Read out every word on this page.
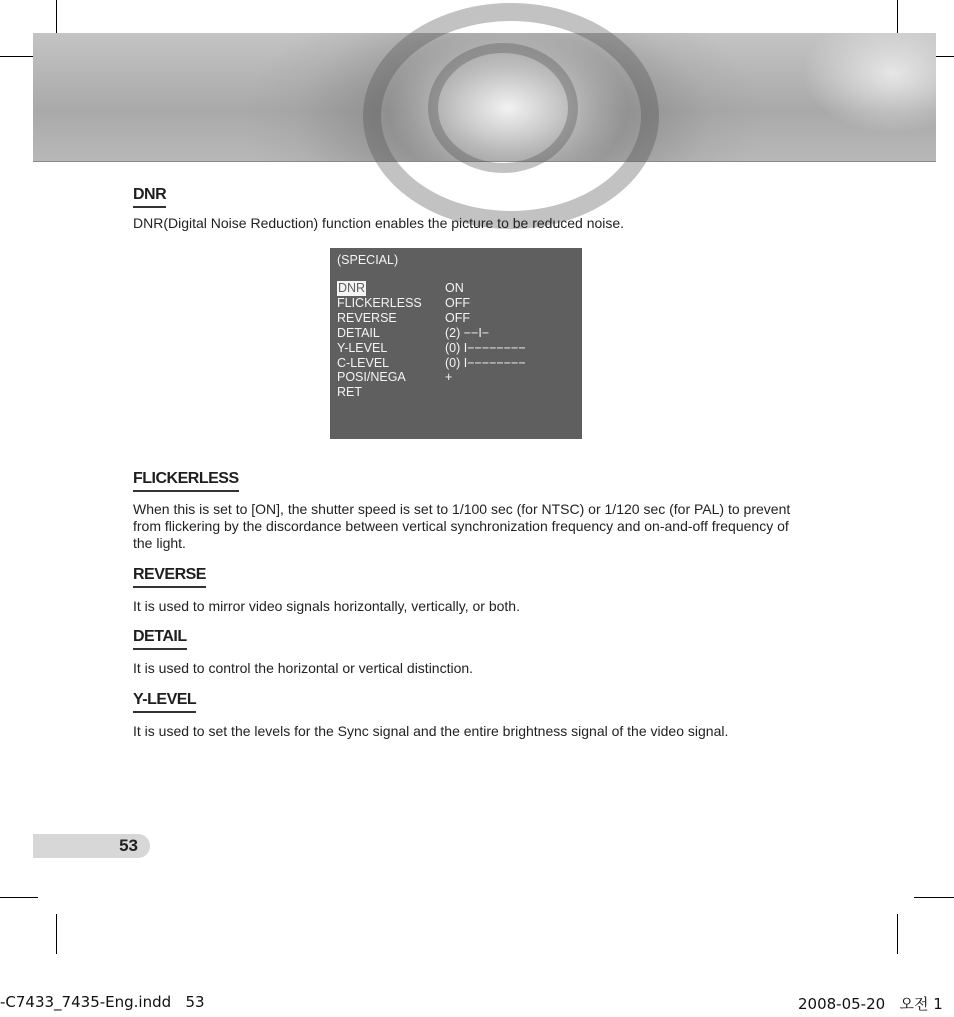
DNR
DNR(Digital Noise Reduction) function enables the picture to be reduced noise.
(SPECIAL)
DNR	ON
FLICKERLESS OFF
REVERSE	OFF
DETAIL	(2) −−I−
Y-LEVEL	(0) I−−−−−−−−
C-LEVEL	(0) I−−−−−−−−
POSI/NEGA	+
RET
FLICKERLESS
When this is set to [ON], the shutter speed is set to 1/100 sec (for NTSC) or 1/120 sec (for PAL) to prevent from flickering by the discordance between vertical synchronization frequency and on-and-off frequency of the light.
REVERSE
It is used to mirror video signals horizontally, vertically, or both.
DETAIL
It is used to control the horizontal or vertical distinction.
Y-LEVEL
It is used to set the levels for the Sync signal and the entire brightness signal of the video signal.
53
-C7433_7435-Eng.indd   53	2008-05-20   오전 1
